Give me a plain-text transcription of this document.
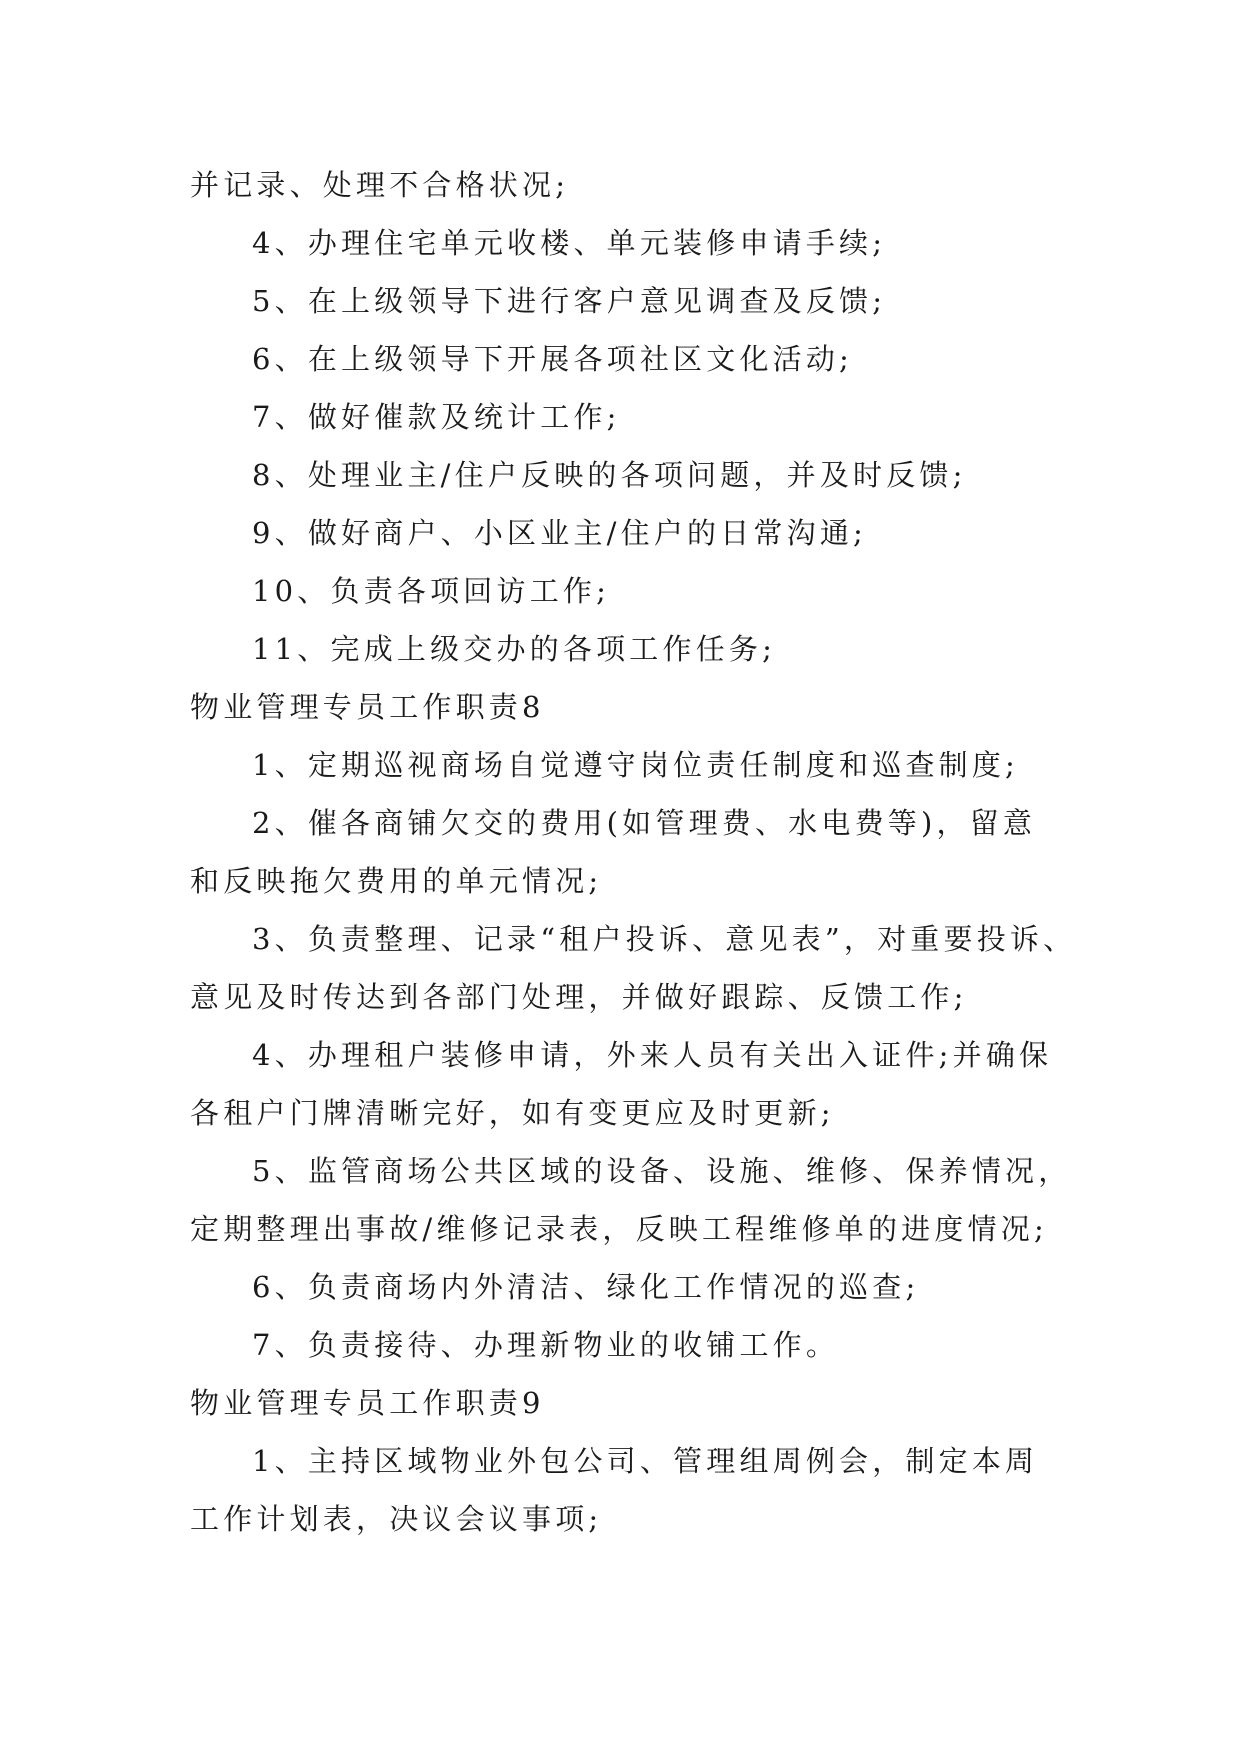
并记录、处理不合格状况;
4、办理住宅单元收楼、单元装修申请手续;
5、在上级领导下进行客户意见调查及反馈;
6、在上级领导下开展各项社区文化活动;
7、做好催款及统计工作;
8、处理业主/住户反映的各项问题，并及时反馈;
9、做好商户、小区业主/住户的日常沟通;
10、负责各项回访工作;
11、完成上级交办的各项工作任务;
物业管理专员工作职责8
1、定期巡视商场自觉遵守岗位责任制度和巡查制度;
2、催各商铺欠交的费用(如管理费、水电费等)，留意
和反映拖欠费用的单元情况;
3、负责整理、记录“租户投诉、意见表”，对重要投诉、
意见及时传达到各部门处理，并做好跟踪、反馈工作;
4、办理租户装修申请，外来人员有关出入证件;并确保
各租户门牌清晰完好，如有变更应及时更新;
5、监管商场公共区域的设备、设施、维修、保养情况，
定期整理出事故/维修记录表，反映工程维修单的进度情况;
6、负责商场内外清洁、绿化工作情况的巡查;
7、负责接待、办理新物业的收铺工作。
物业管理专员工作职责9
1、主持区域物业外包公司、管理组周例会，制定本周
工作计划表，决议会议事项;
